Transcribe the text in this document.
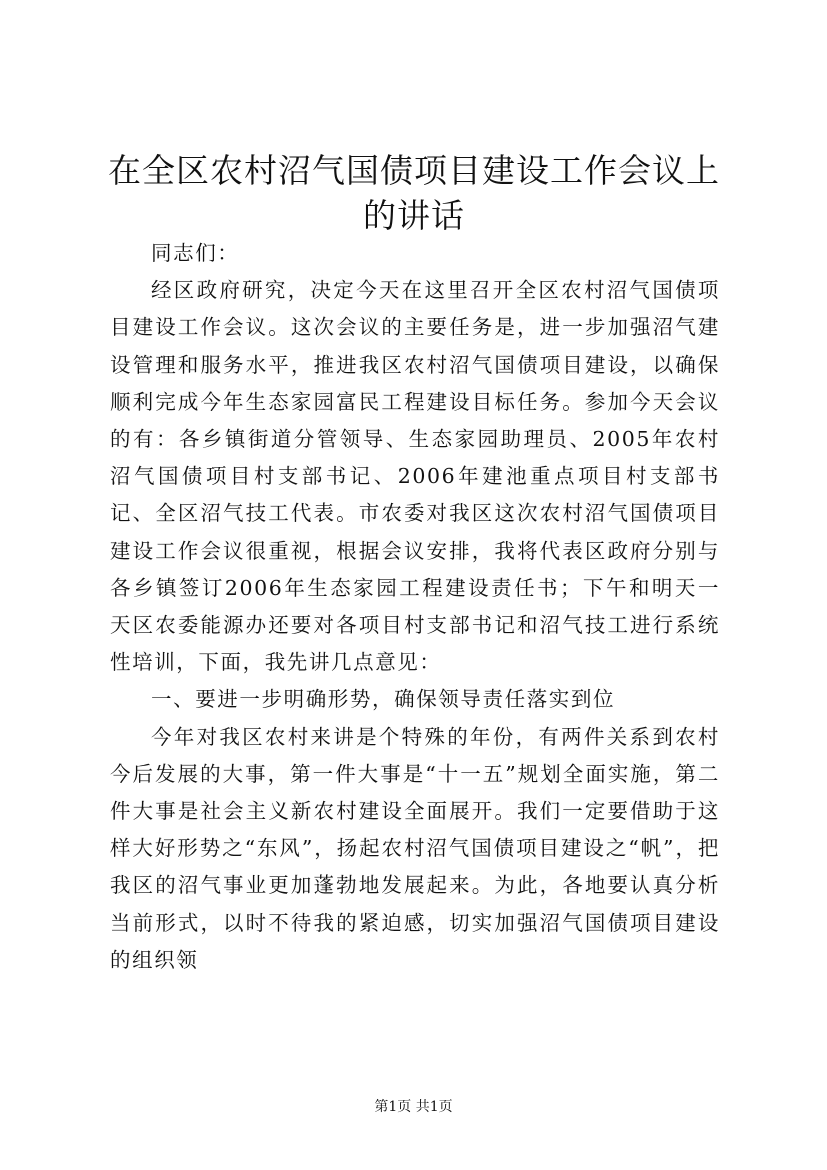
在全区农村沼气国债项目建设工作会议上的讲话

同志们：

经区政府研究，决定今天在这里召开全区农村沼气国债项目建设工作会议。这次会议的主要任务是，进一步加强沼气建设管理和服务水平，推进我区农村沼气国债项目建设，以确保顺利完成今年生态家园富民工程建设目标任务。参加今天会议的有：各乡镇街道分管领导、生态家园助理员、2005年农村沼气国债项目村支部书记、2006年建池重点项目村支部书记、全区沼气技工代表。市农委对我区这次农村沼气国债项目建设工作会议很重视，根据会议安排，我将代表区政府分别与各乡镇签订2006年生态家园工程建设责任书；下午和明天一天区农委能源办还要对各项目村支部书记和沼气技工进行系统性培训，下面，我先讲几点意见：

一、要进一步明确形势，确保领导责任落实到位

今年对我区农村来讲是个特殊的年份，有两件关系到农村今后发展的大事，第一件大事是“十一五”规划全面实施，第二件大事是社会主义新农村建设全面展开。我们一定要借助于这样大好形势之“东风”，扬起农村沼气国债项目建设之“帆”，把我区的沼气事业更加蓬勃地发展起来。为此，各地要认真分析当前形式，以时不待我的紧迫感，切实加强沼气国债项目建设的组织领

第1页 共1页
